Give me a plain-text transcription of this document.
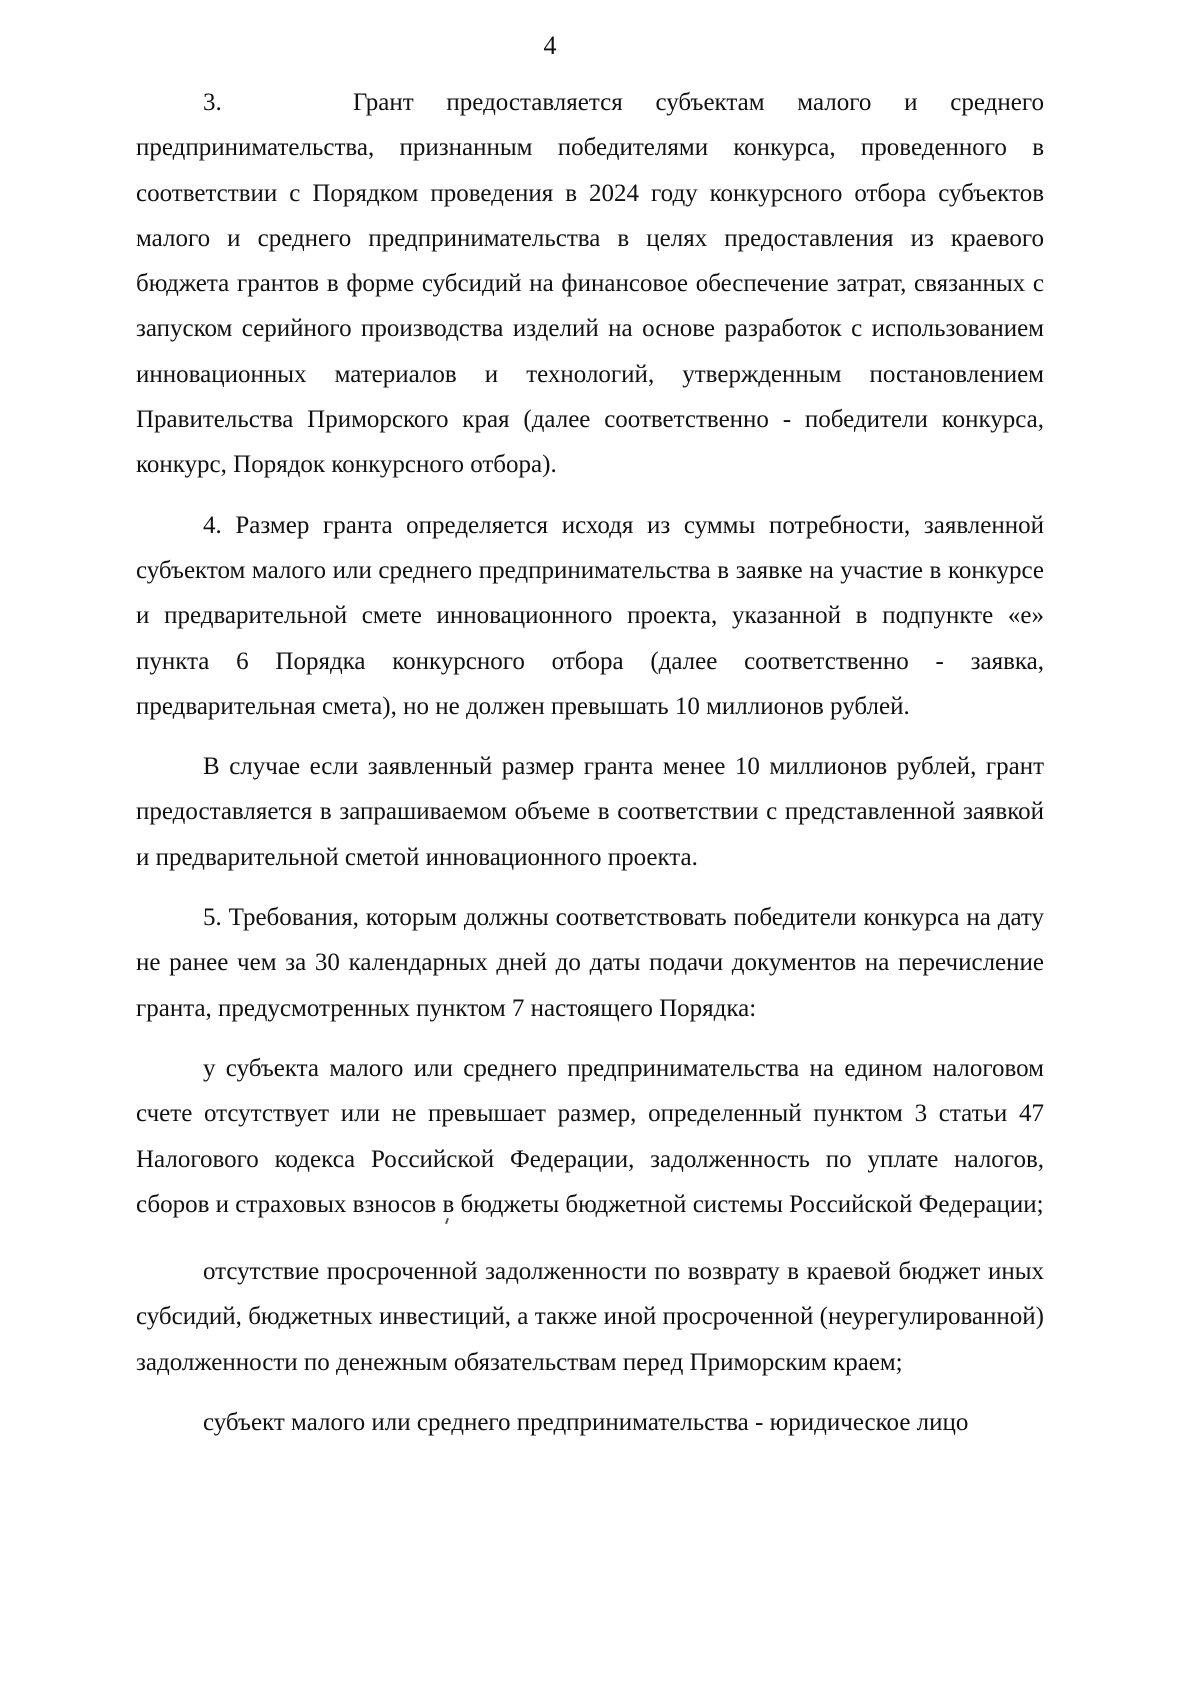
4

3.    Грант предоставляется субъектам малого и среднего предпринимательства, признанным победителями конкурса, проведенного в соответствии с Порядком проведения в 2024 году конкурсного отбора субъектов малого и среднего предпринимательства в целях предоставления из краевого бюджета грантов в форме субсидий на финансовое обеспечение затрат, связанных с запуском серийного производства изделий на основе разработок с использованием инновационных материалов и технологий, утвержденным постановлением Правительства Приморского края (далее соответственно - победители конкурса, конкурс, Порядок конкурсного отбора).

4. Размер гранта определяется исходя из суммы потребности, заявленной субъектом малого или среднего предпринимательства в заявке на участие в конкурсе и предварительной смете инновационного проекта, указанной в подпункте «е» пункта 6 Порядка конкурсного отбора (далее соответственно - заявка, предварительная смета), но не должен превышать 10 миллионов рублей.

В случае если заявленный размер гранта менее 10 миллионов рублей, грант предоставляется в запрашиваемом объеме в соответствии с представленной заявкой и предварительной сметой инновационного проекта.

5. Требования, которым должны соответствовать победители конкурса на дату не ранее чем за 30 календарных дней до даты подачи документов на перечисление гранта, предусмотренных пунктом 7 настоящего Порядка:

у субъекта малого или среднего предпринимательства на едином налоговом счете отсутствует или не превышает размер, определенный пунктом 3 статьи 47 Налогового кодекса Российской Федерации, задолженность по уплате налогов, сборов и страховых взносов в бюджеты бюджетной системы Российской Федерации;

отсутствие просроченной задолженности по возврату в краевой бюджет иных субсидий, бюджетных инвестиций, а также иной просроченной (неурегулированной) задолженности по денежным обязательствам перед Приморским краем;

субъект малого или среднего предпринимательства - юридическое лицо
